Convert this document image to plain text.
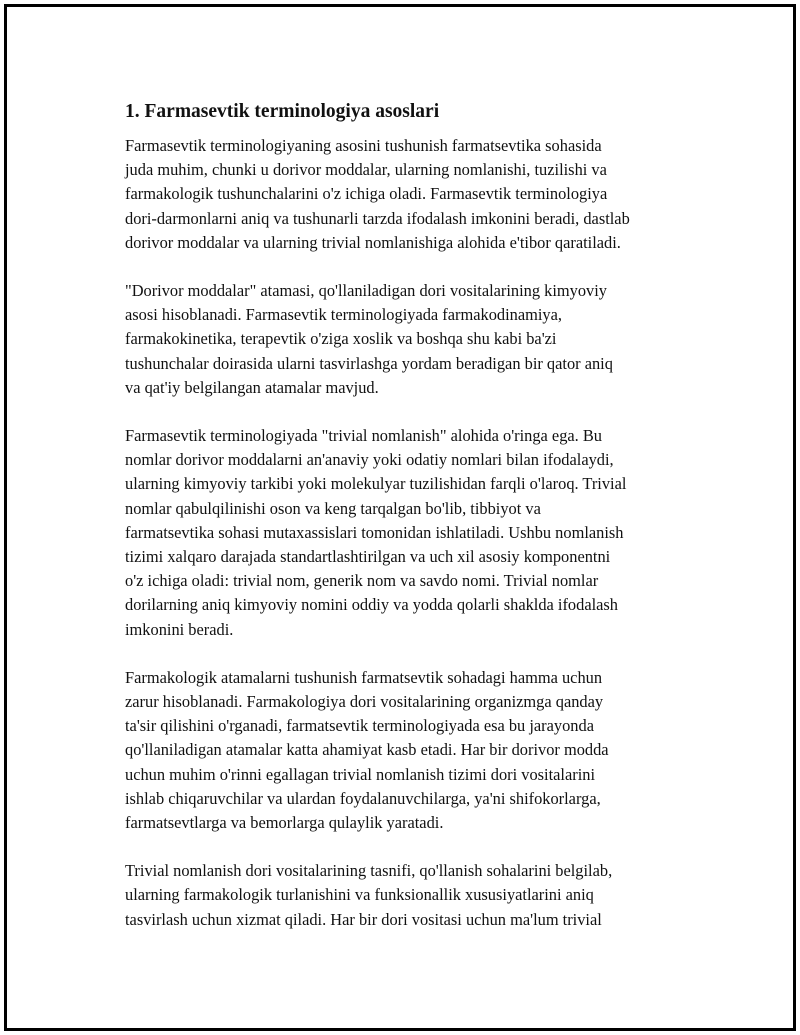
1. Farmasevtik terminologiya asoslari

Farmasevtik terminologiyaning asosini tushunish farmatsevtika sohasida
juda muhim, chunki u dorivor moddalar, ularning nomlanishi, tuzilishi va
farmakologik tushunchalarini o'z ichiga oladi. Farmasevtik terminologiya
dori-darmonlarni aniq va tushunarli tarzda ifodalash imkonini beradi, dastlab
dorivor moddalar va ularning trivial nomlanishiga alohida e'tibor qaratiladi.

"Dorivor moddalar" atamasi, qo'llaniladigan dori vositalarining kimyoviy
asosi hisoblanadi. Farmasevtik terminologiyada farmakodinamiya,
farmakokinetika, terapevtik o'ziga xoslik va boshqa shu kabi ba'zi
tushunchalar doirasida ularni tasvirlashga yordam beradigan bir qator aniq
va qat'iy belgilangan atamalar mavjud.

Farmasevtik terminologiyada "trivial nomlanish" alohida o'ringa ega. Bu
nomlar dorivor moddalarni an'anaviy yoki odatiy nomlari bilan ifodalaydi,
ularning kimyoviy tarkibi yoki molekulyar tuzilishidan farqli o'laroq. Trivial
nomlar qabulqilinishi oson va keng tarqalgan bo'lib, tibbiyot va
farmatsevtika sohasi mutaxassislari tomonidan ishlatiladi. Ushbu nomlanish
tizimi xalqaro darajada standartlashtirilgan va uch xil asosiy komponentni
o'z ichiga oladi: trivial nom, generik nom va savdo nomi. Trivial nomlar
dorilarning aniq kimyoviy nomini oddiy va yodda qolarli shaklda ifodalash
imkonini beradi.

Farmakologik atamalarni tushunish farmatsevtik sohadagi hamma uchun
zarur hisoblanadi. Farmakologiya dori vositalarining organizmga qanday
ta'sir qilishini o'rganadi, farmatsevtik terminologiyada esa bu jarayonda
qo'llaniladigan atamalar katta ahamiyat kasb etadi. Har bir dorivor modda
uchun muhim o'rinni egallagan trivial nomlanish tizimi dori vositalarini
ishlab chiqaruvchilar va ulardan foydalanuvchilarga, ya'ni shifokorlarga,
farmatsevtlarga va bemorlarga qulaylik yaratadi.

Trivial nomlanish dori vositalarining tasnifi, qo'llanish sohalarini belgilab,
ularning farmakologik turlanishini va funksionallik xususiyatlarini aniq
tasvirlash uchun xizmat qiladi. Har bir dori vositasi uchun ma'lum trivial
